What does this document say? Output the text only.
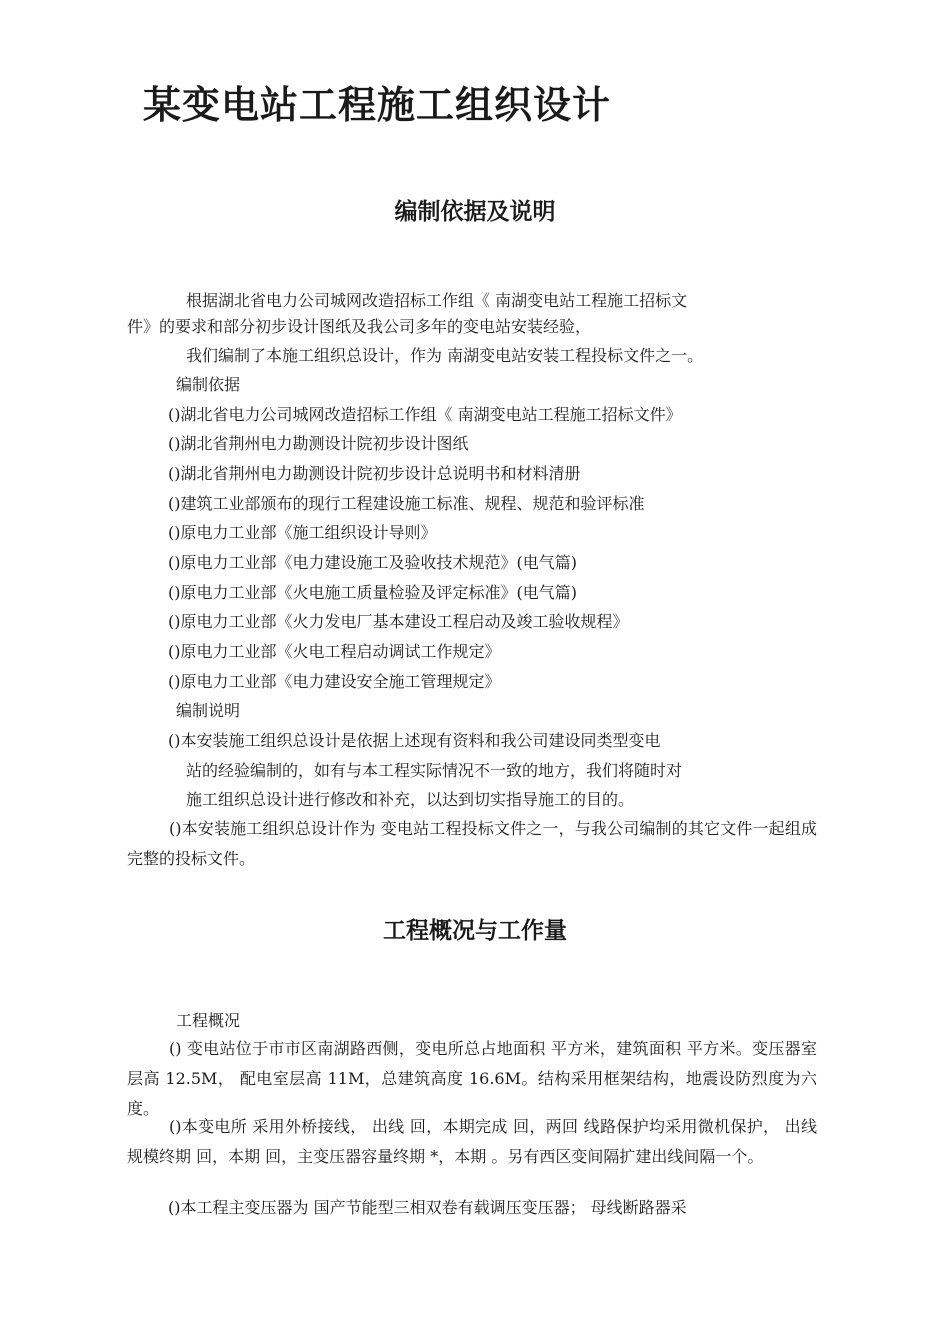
某变电站工程施工组织设计
编制依据及说明
根据湖北省电力公司城网改造招标工作组《 南湖变电站工程施工招标文
件》的要求和部分初步设计图纸及我公司多年的变电站安装经验，
我们编制了本施工组织总设计，作为 南湖变电站安装工程投标文件之一。
编制依据
()湖北省电力公司城网改造招标工作组《 南湖变电站工程施工招标文件》
()湖北省荆州电力勘测设计院初步设计图纸
()湖北省荆州电力勘测设计院初步设计总说明书和材料清册
()建筑工业部颁布的现行工程建设施工标准、规程、规范和验评标准
()原电力工业部《施工组织设计导则》
()原电力工业部《电力建设施工及验收技术规范》(电气篇)
()原电力工业部《火电施工质量检验及评定标准》(电气篇)
()原电力工业部《火力发电厂基本建设工程启动及竣工验收规程》
()原电力工业部《火电工程启动调试工作规定》
()原电力工业部《电力建设安全施工管理规定》
编制说明
()本安装施工组织总设计是依据上述现有资料和我公司建设同类型变电
站的经验编制的，如有与本工程实际情况不一致的地方，我们将随时对
施工组织总设计进行修改和补充，以达到切实指导施工的目的。
()本安装施工组织总设计作为 变电站工程投标文件之一，与我公司编制的其它文件一起组成完整的投标文件。
工程概况与工作量
工程概况
() 变电站位于市市区南湖路西侧，变电所总占地面积 平方米，建筑面积 平方米。变压器室层高 12.5M， 配电室层高 11M，总建筑高度 16.6M。结构采用框架结构，地震设防烈度为六度。
()本变电所 采用外桥接线， 出线 回，本期完成 回，两回 线路保护均采用微机保护， 出线规模终期 回，本期 回，主变压器容量终期 *，本期 。另有西区变间隔扩建出线间隔一个。
()本工程主变压器为 国产节能型三相双卷有载调压变压器； 母线断路器采
